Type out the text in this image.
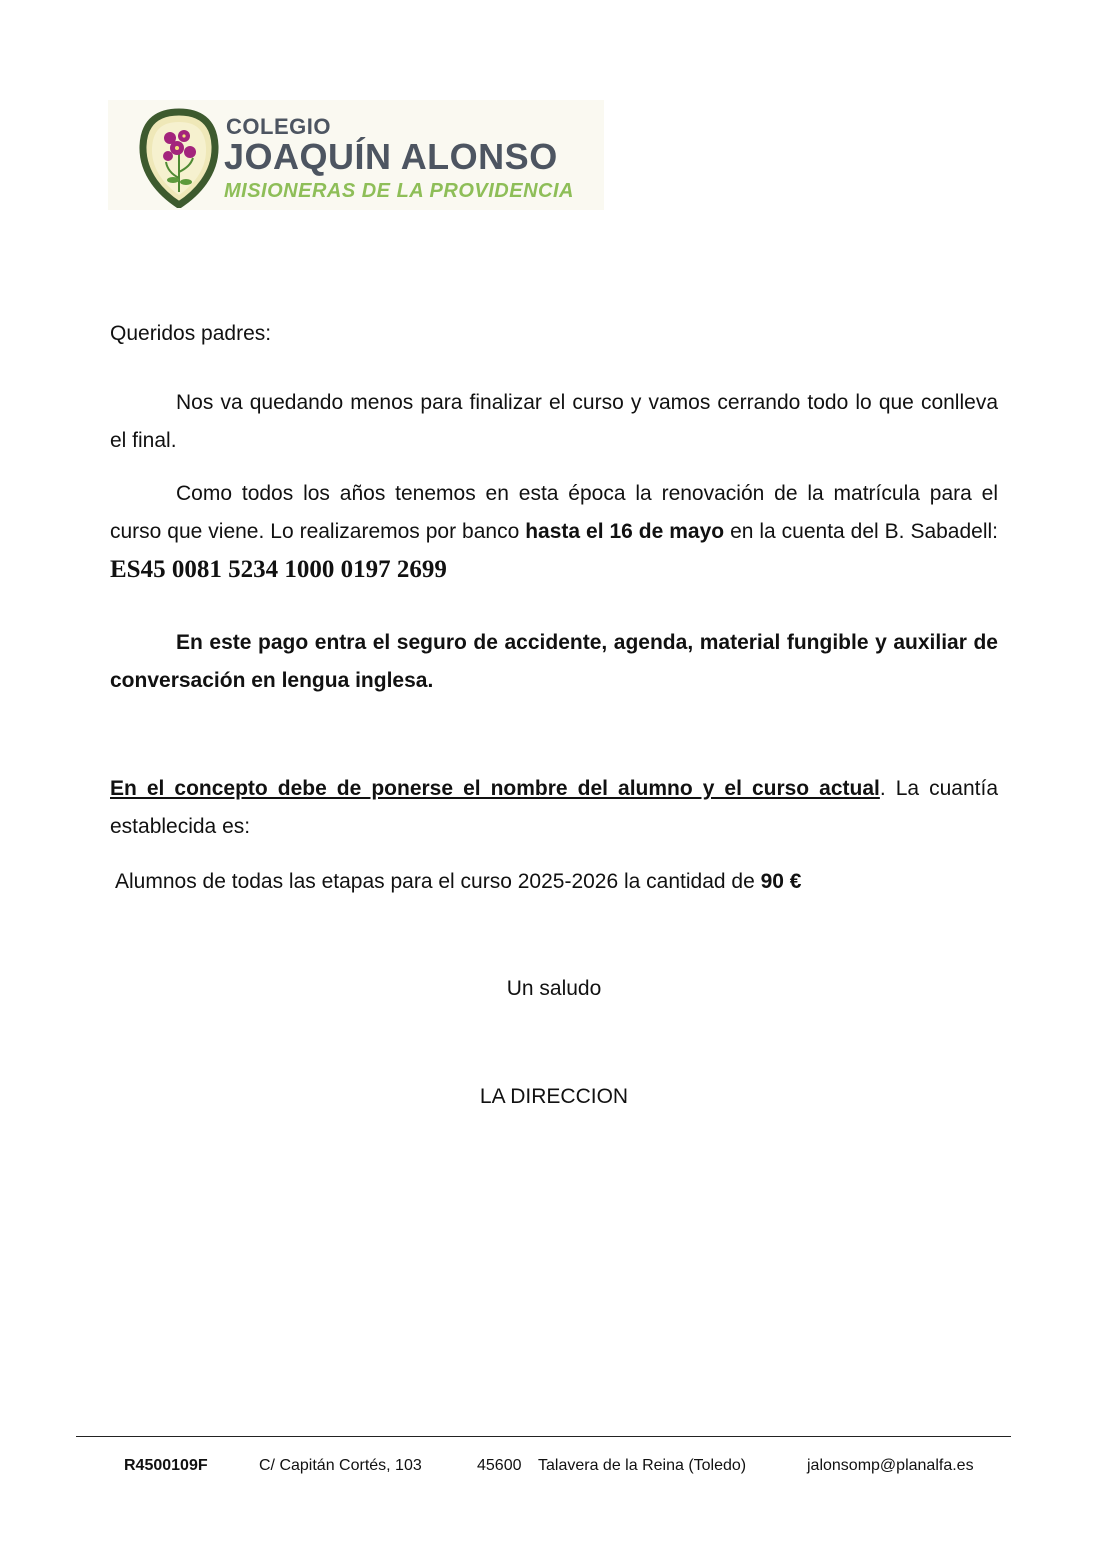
COLEGIO
JOAQUÍN ALONSO
MISIONERAS DE LA PROVIDENCIA
Queridos padres:
Nos va quedando menos para finalizar el curso y vamos cerrando todo lo que conlleva el final.
Como todos los años tenemos en esta época la renovación de la matrícula para el curso que viene. Lo realizaremos por banco hasta el 16 de mayo en la cuenta del B. Sabadell: ES45 0081 5234 1000 0197 2699
En este pago entra el seguro de accidente, agenda, material fungible y auxiliar de conversación en lengua inglesa.
En el concepto debe de ponerse el nombre del alumno y el curso actual. La cuantía establecida es:
Alumnos de todas las etapas para el curso 2025-2026 la cantidad de 90 €
Un saludo
LA DIRECCION
R4500109F	C/ Capitán Cortés, 103	45600 Talavera de la Reina (Toledo)	jalonsomp@planalfa.es
